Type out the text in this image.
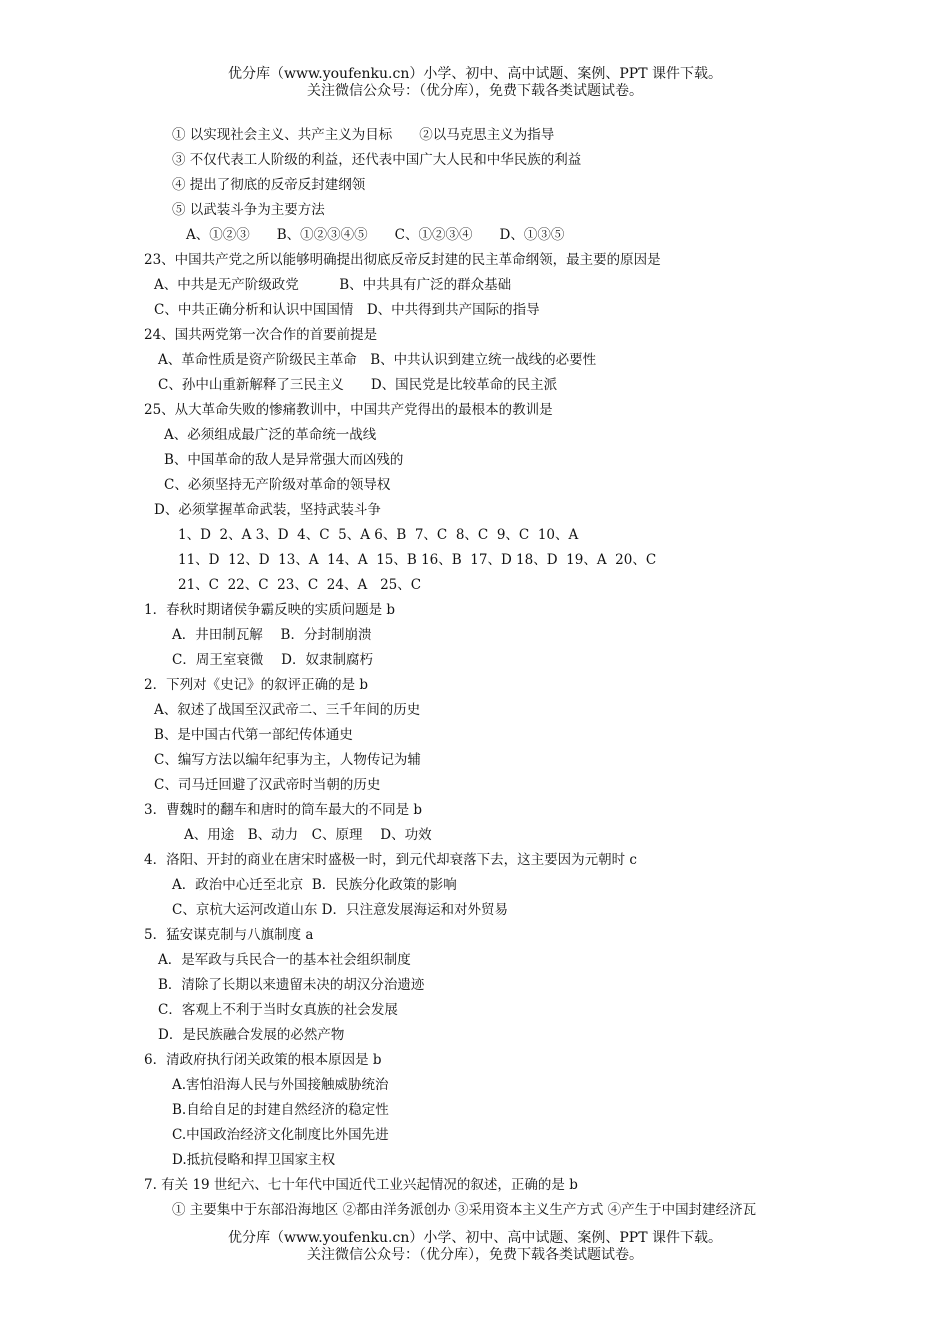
优分库（www.youfenku.cn）小学、初中、高中试题、案例、PPT 课件下载。
关注微信公众号：（优分库），免费下载各类试题试卷。
① 以实现社会主义、共产主义为目标　　②以马克思主义为指导
③ 不仅代表工人阶级的利益，还代表中国广大人民和中华民族的利益
④ 提出了彻底的反帝反封建纲领
⑤ 以武装斗争为主要方法
A、①②③　　B、①②③④⑤　　C、①②③④　　D、①③⑤
23、中国共产党之所以能够明确提出彻底反帝反封建的民主革命纲领，最主要的原因是
A、中共是无产阶级政党　　　B、中共具有广泛的群众基础
C、中共正确分析和认识中国国情　D、中共得到共产国际的指导
24、国共两党第一次合作的首要前提是
A、革命性质是资产阶级民主革命　B、中共认识到建立统一战线的必要性
C、孙中山重新解释了三民主义　　D、国民党是比较革命的民主派
25、从大革命失败的惨痛教训中，中国共产党得出的最根本的教训是
A、必须组成最广泛的革命统一战线
B、中国革命的敌人是异常强大而凶残的
C、必须坚持无产阶级对革命的领导权
D、必须掌握革命武装，坚持武装斗争
1、D  2、A 3、D  4、C  5、A 6、B  7、C  8、C  9、C  10、A
11、D  12、D  13、A  14、A  15、B 16、B  17、D 18、D  19、A  20、C
21、C  22、C  23、C  24、A   25、C
1．春秋时期诸侯争霸反映的实质问题是 b
A．井田制瓦解　 B．分封制崩溃
C．周王室衰微　 D．奴隶制腐朽
2．下列对《史记》的叙评正确的是 b
A、叙述了战国至汉武帝二、三千年间的历史
B、是中国古代第一部纪传体通史
C、编写方法以编年纪事为主，人物传记为辅
C、司马迁回避了汉武帝时当朝的历史
3．曹魏时的翻车和唐时的筒车最大的不同是 b
A、用途　B、动力　C、原理　 D、功效
4．洛阳、开封的商业在唐宋时盛极一时，到元代却衰落下去，这主要因为元朝时 c
A．政治中心迁至北京  B．民族分化政策的影响
C、京杭大运河改道山东 D．只注意发展海运和对外贸易
5．猛安谋克制与八旗制度 a
A．是军政与兵民合一的基本社会组织制度
B．清除了长期以来遗留未决的胡汉分治遗迹
C．客观上不利于当时女真族的社会发展
D．是民族融合发展的必然产物
6．清政府执行闭关政策的根本原因是 b
A.害怕沿海人民与外国接触威胁统治
B.自给自足的封建自然经济的稳定性
C.中国政治经济文化制度比外国先进
D.抵抗侵略和捍卫国家主权
7. 有关 19 世纪六、七十年代中国近代工业兴起情况的叙述，正确的是 b
① 主要集中于东部沿海地区 ②都由洋务派创办 ③采用资本主义生产方式 ④产生于中国封建经济瓦
优分库（www.youfenku.cn）小学、初中、高中试题、案例、PPT 课件下载。
关注微信公众号：（优分库），免费下载各类试题试卷。
